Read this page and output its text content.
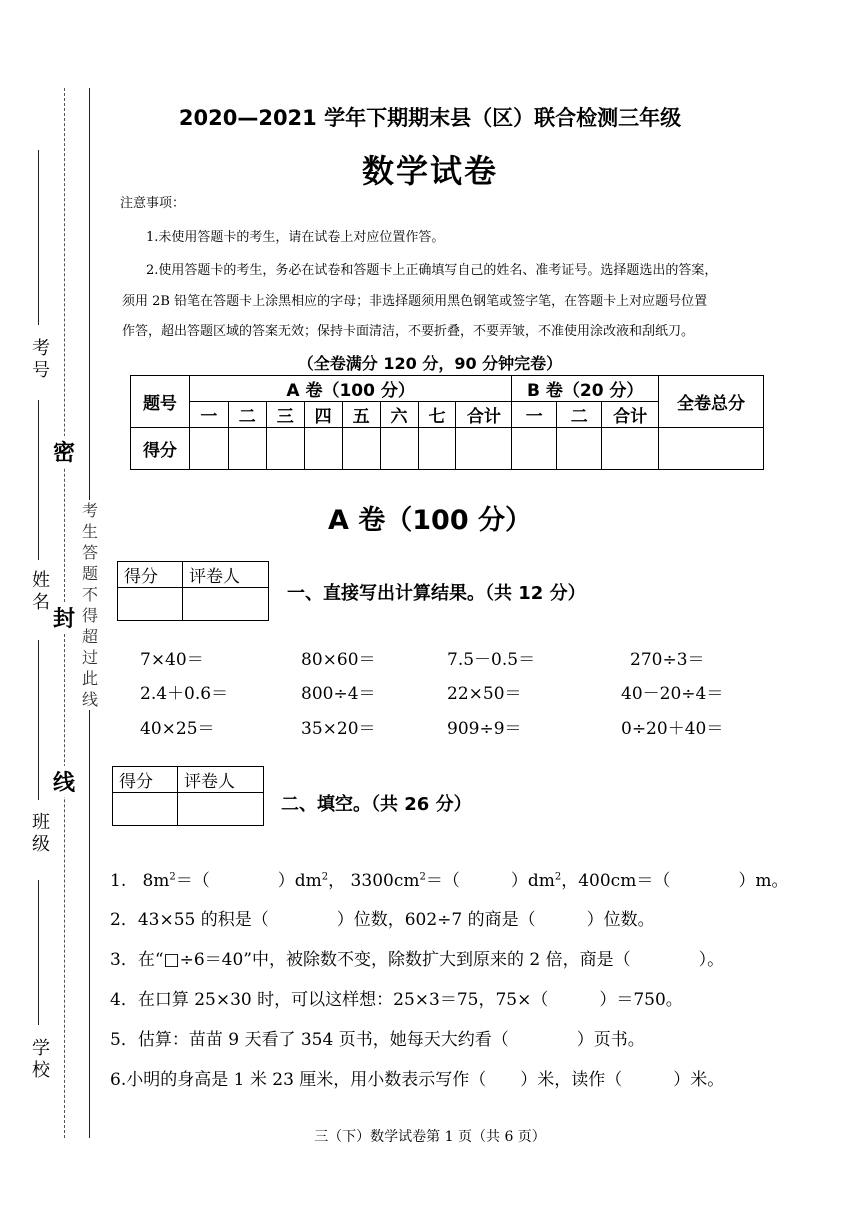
考号
姓名
班级
学校
密
封
线
考生答题不得超过此线
2020—2021 学年下期期末县（区）联合检测三年级
数学试卷
注意事项：
1.未使用答题卡的考生，请在试卷上对应位置作答。
2.使用答题卡的考生，务必在试卷和答题卡上正确填写自己的姓名、准考证号。选择题选出的答案，
须用 2B 铅笔在答题卡上涂黑相应的字母；非选择题须用黑色钢笔或签字笔，在答题卡上对应题号位置
作答，超出答题区域的答案无效；保持卡面清洁，不要折叠，不要弄皱，不准使用涂改液和刮纸刀。
（全卷满分 120 分，90 分钟完卷）
题号	A 卷（100 分）								B 卷（20 分）			全卷总分
	一	二	三	四	五	六	七	合计	一	二	合计	
得分												
A 卷（100 分）
得分	评卷人

一、直接写出计算结果。（共 12 分）
7×40＝	80×60＝	7.5－0.5＝	270÷3＝
2.4＋0.6＝	800÷4＝	22×50＝	40－20÷4＝
40×25＝	35×20＝	909÷9＝	0÷20＋40＝
得分	评卷人

二、填空。（共 26 分）
1. $8m^2=$（　　　　）$dm^2$， $3300cm^2=$（　　　）$dm^2$，400cm＝（　　　　）m。
2．43×55 的积是（　　　　）位数，602÷7 的商是（　　　）位数。
3．在“□÷6＝40”中，被除数不变，除数扩大到原来的 2 倍，商是（　　　　）。
4．在口算 25×30 时，可以这样想：25×3＝75，75×（　　　）＝750。
5．估算：苗苗 9 天看了 354 页书，她每天大约看（　　　　）页书。
6.小明的身高是 1 米 23 厘米，用小数表示写作（　　）米，读作（　　　）米。
三（下）数学试卷第 1 页（共 6 页）
